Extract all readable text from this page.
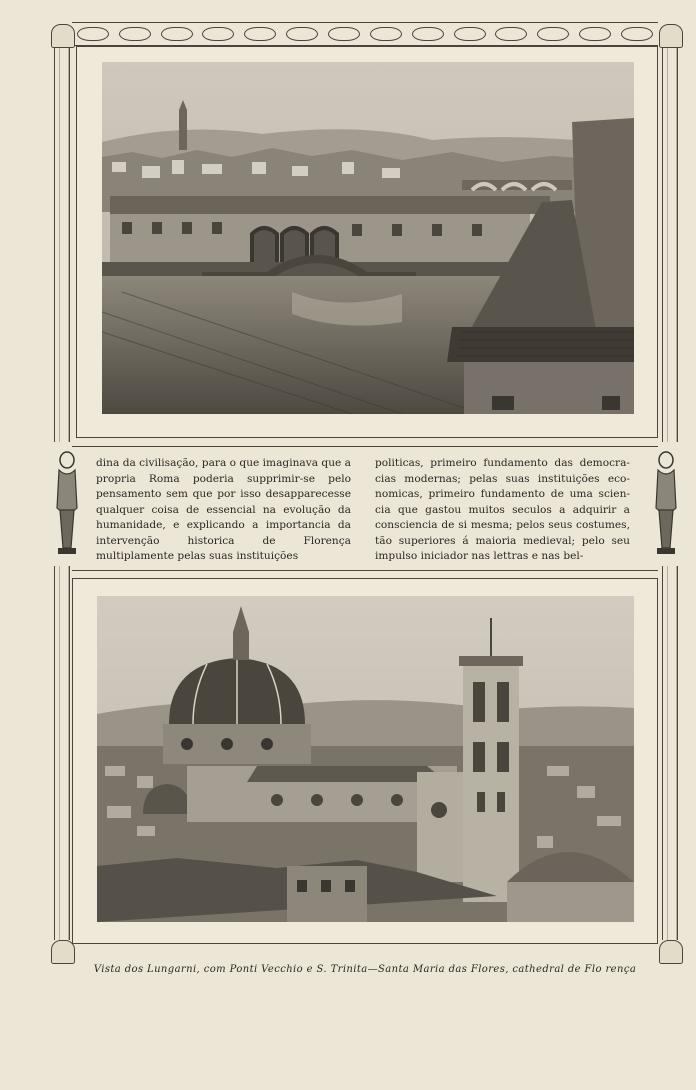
dina da civilisação, para o que imaginava que a propria Roma poderia supprimir-se pelo pensamento sem que por isso desapparecesse qualquer coisa de essencial na evolução da humanidade, e explicando a importancia da intervenção historica de Florença multiplamente pelas suas instituições

politicas, primeiro fundamento das democracias modernas; pelas suas instituições economicas, primeiro fundamento de uma sciencia que gastou muitos seculos a adquirir a consciencia de si mesma; pelos seus costumes, tão superiores á maioria medieval; pelo seu impulso iniciador nas lettras e nas bel-

Vista dos Lungarni, com Ponti Vecchio e S. Trinita—Santa Maria das Flores, cathedral de Flo rença
